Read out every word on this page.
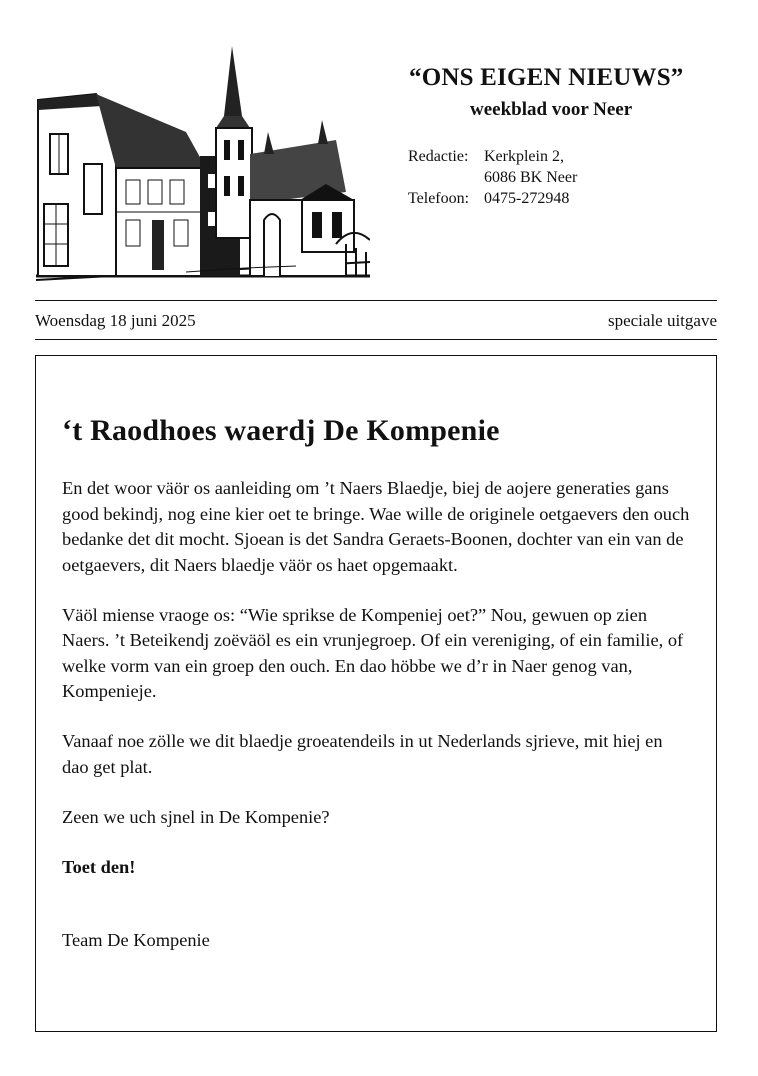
“ONS EIGEN NIEUWS”
weekblad voor Neer
Redactie: Kerkplein 2,
6086 BK Neer
Telefoon: 0475-272948
Woensdag 18 juni 2025	speciale uitgave
‘t Raodhoes waerdj De Kompenie

En det woor väör os aanleiding om ’t Naers Blaedje, biej de aojere generaties gans good bekindj, nog eine kier oet te bringe. Wae wille de originele oetgaevers den ouch bedanke det dit mocht. Sjoean is det Sandra Geraets-Boonen, dochter van ein van de oetgaevers, dit Naers blaedje väör os haet opgemaakt.

Väöl miense vraoge os: “Wie sprikse de Kompeniej oet?” Nou, gewuen op zien Naers. ’t Beteikendj zoëväöl es ein vrunjegroep. Of ein vereniging, of ein familie, of welke vorm van ein groep den ouch. En dao höbbe we d’r in Naer genog van, Kompenieje.

Vanaaf noe zölle we dit blaedje groeatendeils in ut Nederlands sjrieve, mit hiej en dao get plat.

Zeen we uch sjnel in De Kompenie?

Toet den!

Team De Kompenie
